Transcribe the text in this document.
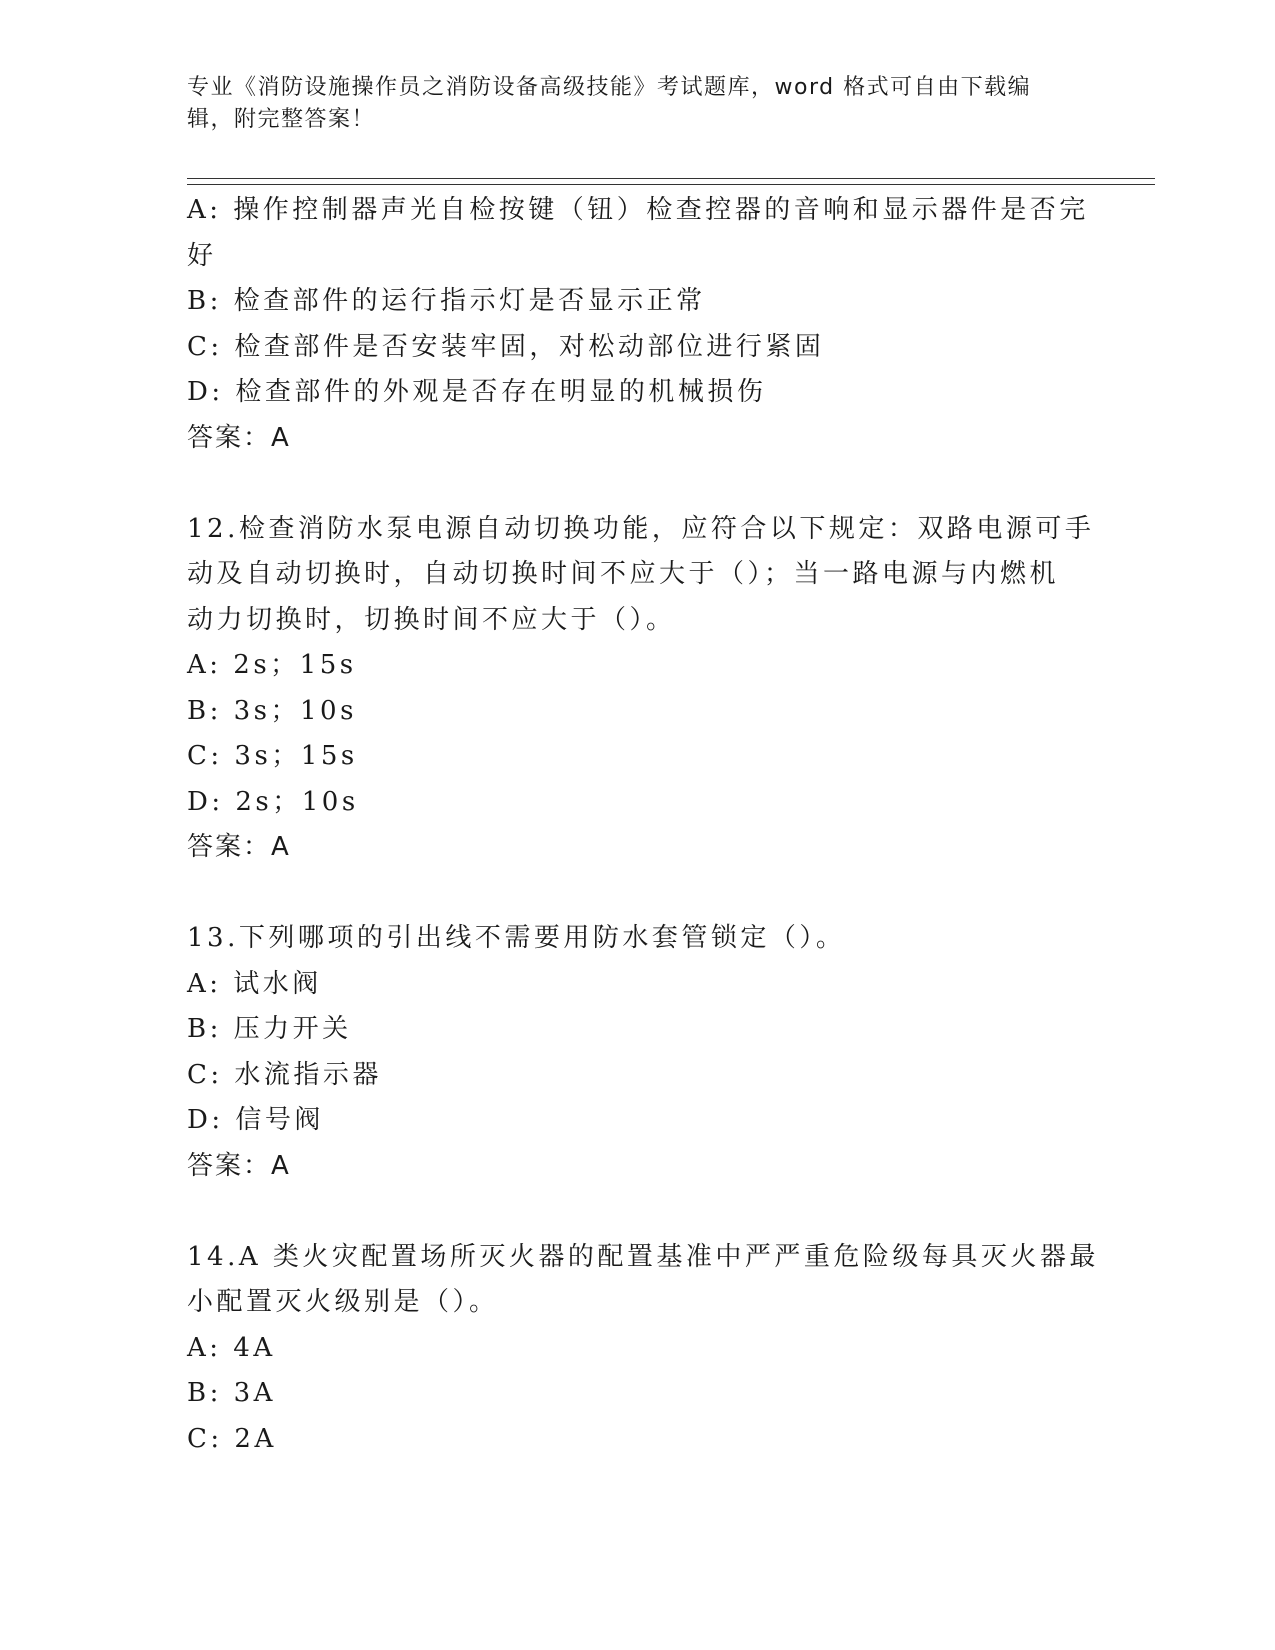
专业《消防设施操作员之消防设备高级技能》考试题库，word 格式可自由下载编
辑，附完整答案！
A: 操作控制器声光自检按键（钮）检查控器的音响和显示器件是否完
好
B: 检查部件的运行指示灯是否显示正常
C: 检查部件是否安装牢固，对松动部位进行紧固
D: 检查部件的外观是否存在明显的机械损伤
答案：A
12.检查消防水泵电源自动切换功能，应符合以下规定：双路电源可手
动及自动切换时，自动切换时间不应大于（）；当一路电源与内燃机
动力切换时，切换时间不应大于（）。
A: 2s；15s
B: 3s；10s
C: 3s；15s
D: 2s；10s
答案：A
13.下列哪项的引出线不需要用防水套管锁定（）。
A: 试水阀
B: 压力开关
C: 水流指示器
D: 信号阀
答案：A
14.A 类火灾配置场所灭火器的配置基准中严严重危险级每具灭火器最
小配置灭火级别是（）。
A: 4A
B: 3A
C: 2A
